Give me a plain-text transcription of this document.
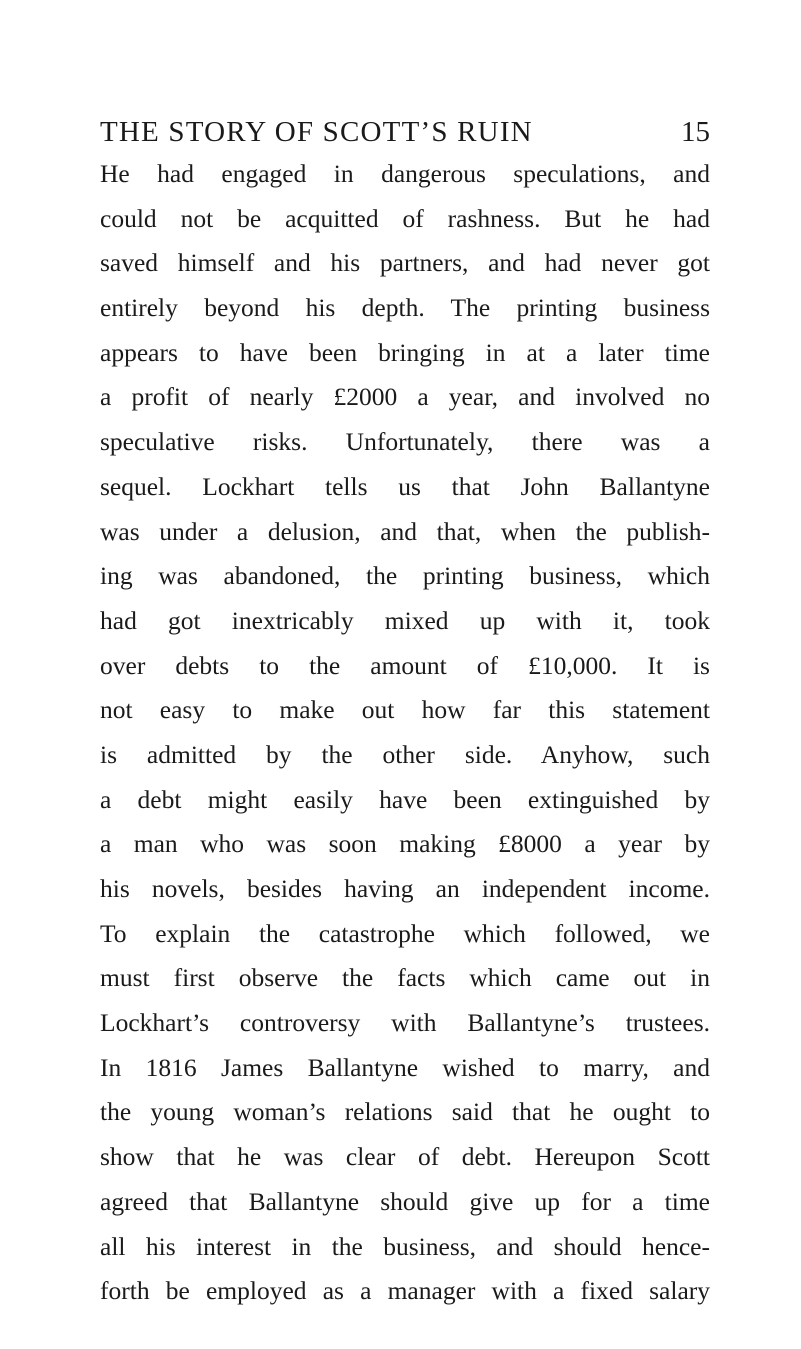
THE STORY OF SCOTT’S RUIN	15
He had engaged in dangerous speculations, and
could not be acquitted of rashness. But he had
saved himself and his partners, and had never got
entirely beyond his depth. The printing business
appears to have been bringing in at a later time
a profit of nearly £2000 a year, and involved no
speculative risks. Unfortunately, there was a
sequel. Lockhart tells us that John Ballantyne
was under a delusion, and that, when the publish-
ing was abandoned, the printing business, which
had got inextricably mixed up with it, took
over debts to the amount of £10,000. It is
not easy to make out how far this statement
is admitted by the other side. Anyhow, such
a debt might easily have been extinguished by
a man who was soon making £8000 a year by
his novels, besides having an independent income.
To explain the catastrophe which followed, we
must first observe the facts which came out in
Lockhart’s controversy with Ballantyne’s trustees.
In 1816 James Ballantyne wished to marry, and
the young woman’s relations said that he ought to
show that he was clear of debt. Hereupon Scott
agreed that Ballantyne should give up for a time
all his interest in the business, and should hence-
forth be employed as a manager with a fixed salary
